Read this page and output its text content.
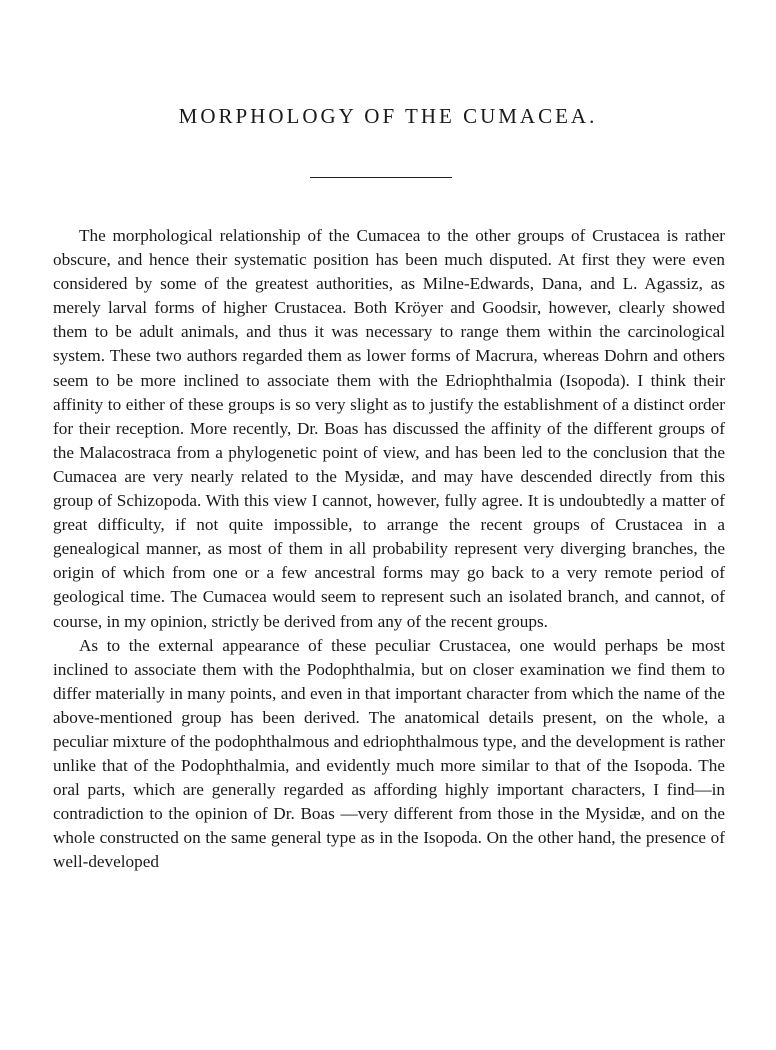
MORPHOLOGY OF THE CUMACEA.

The morphological relationship of the Cumacea to the other groups of Crustacea is rather obscure, and hence their systematic position has been much disputed. At first they were even considered by some of the greatest authorities, as Milne-Edwards, Dana, and L. Agassiz, as merely larval forms of higher Crustacea. Both Kröyer and Goodsir, however, clearly showed them to be adult animals, and thus it was necessary to range them within the carcinological system. These two authors regarded them as lower forms of Macrura, whereas Dohrn and others seem to be more inclined to associate them with the Edriophthalmia (Isopoda). I think their affinity to either of these groups is so very slight as to justify the establishment of a distinct order for their reception. More recently, Dr. Boas has discussed the affinity of the different groups of the Malacostraca from a phylogenetic point of view, and has been led to the conclusion that the Cumacea are very nearly related to the Mysidæ, and may have descended directly from this group of Schizopoda. With this view I cannot, however, fully agree. It is undoubtedly a matter of great difficulty, if not quite impossible, to arrange the recent groups of Crustacea in a genealogical manner, as most of them in all probability represent very diverging branches, the origin of which from one or a few ancestral forms may go back to a very remote period of geological time. The Cumacea would seem to represent such an isolated branch, and cannot, of course, in my opinion, strictly be derived from any of the recent groups.

As to the external appearance of these peculiar Crustacea, one would perhaps be most inclined to associate them with the Podophthalmia, but on closer examination we find them to differ materially in many points, and even in that important character from which the name of the above-mentioned group has been derived. The anatomical details present, on the whole, a peculiar mixture of the podophthalmous and edriophthalmous type, and the development is rather unlike that of the Podophthalmia, and evidently much more similar to that of the Isopoda. The oral parts, which are generally regarded as affording highly important characters, I find—in contradiction to the opinion of Dr. Boas —very different from those in the Mysidæ, and on the whole constructed on the same general type as in the Isopoda. On the other hand, the presence of well-developed
